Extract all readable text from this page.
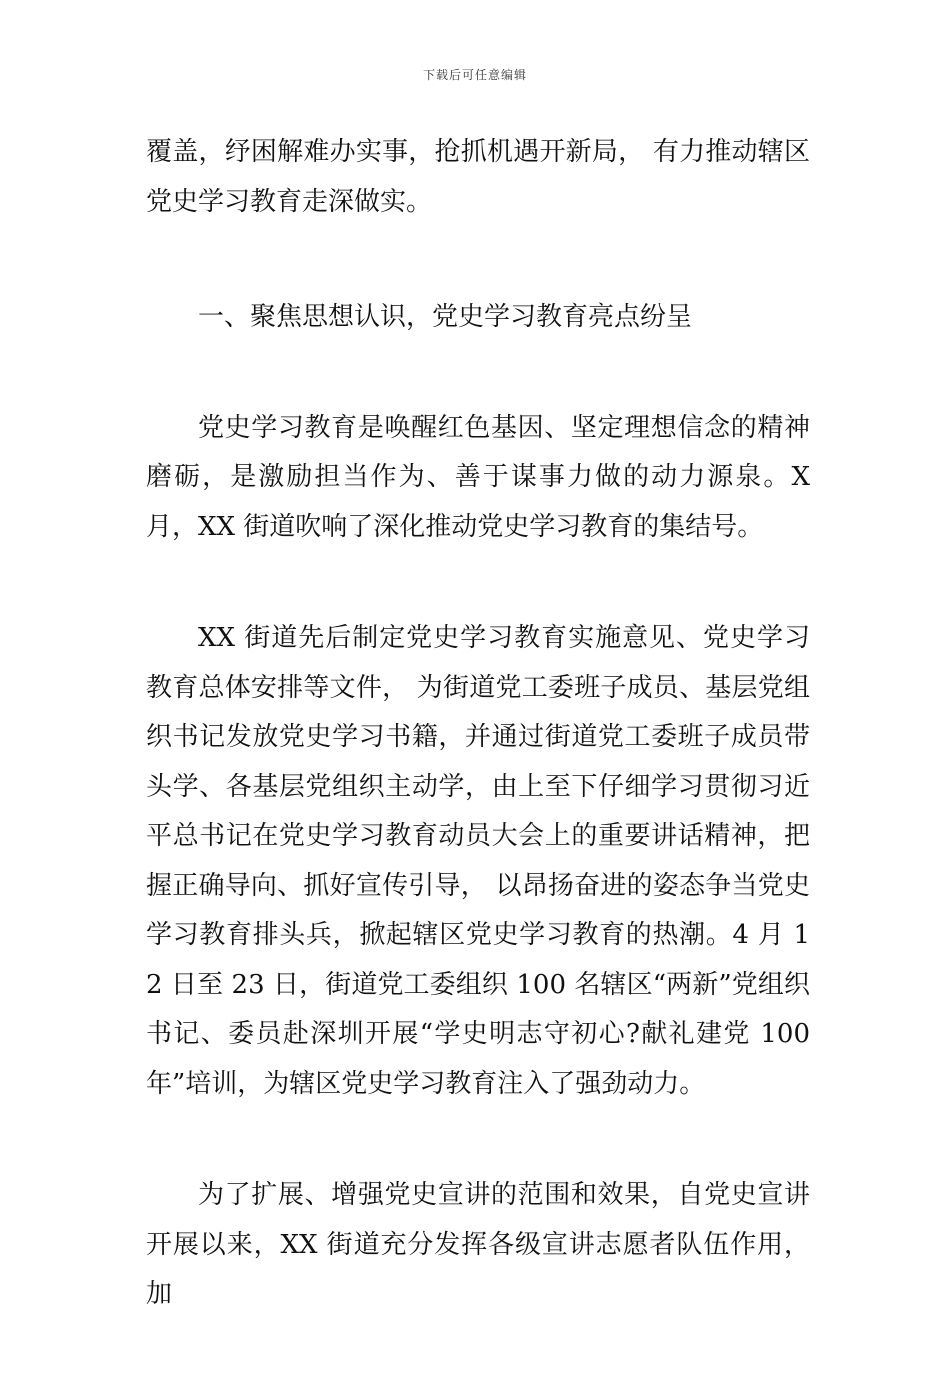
下载后可任意编辑

覆盖，纾困解难办实事，抢抓机遇开新局， 有力推动辖区党史学习教育走深做实。

一、聚焦思想认识，党史学习教育亮点纷呈

党史学习教育是唤醒红色基因、坚定理想信念的精神磨砺，是激励担当作为、善于谋事力做的动力源泉。X 月，XX 街道吹响了深化推动党史学习教育的集结号。

XX 街道先后制定党史学习教育实施意见、党史学习教育总体安排等文件， 为街道党工委班子成员、基层党组织书记发放党史学习书籍，并通过街道党工委班子成员带头学、各基层党组织主动学，由上至下仔细学习贯彻习近平总书记在党史学习教育动员大会上的重要讲话精神，把握正确导向、抓好宣传引导， 以昂扬奋进的姿态争当党史学习教育排头兵，掀起辖区党史学习教育的热潮。4 月 12 日至 23 日，街道党工委组织 100 名辖区“两新”党组织书记、委员赴深圳开展“学史明志守初心?献礼建党 100 年”培训，为辖区党史学习教育注入了强劲动力。

为了扩展、增强党史宣讲的范围和效果，自党史宣讲开展以来，XX 街道充分发挥各级宣讲志愿者队伍作用，加
